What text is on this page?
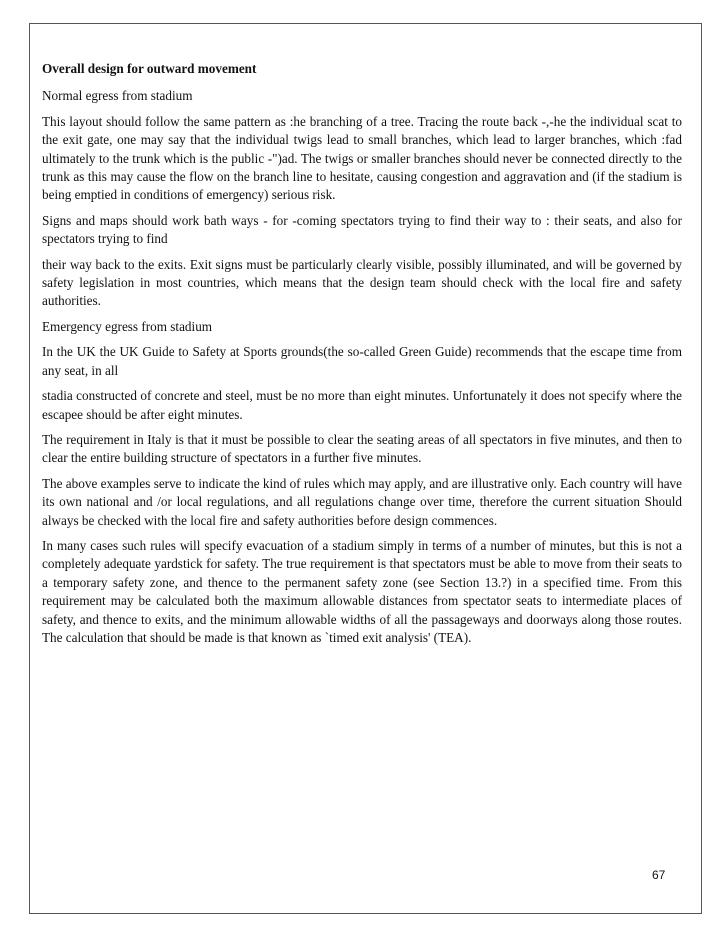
Overall design for outward movement

Normal egress from stadium

This layout should follow the same pattern as :he branching of a tree. Tracing the route back -,-he the individual scat to the exit gate, one may say that the individual twigs lead to small branches, which lead to larger branches, which :fad ultimately to the trunk which is the public -")ad. The twigs or smaller branches should never be connected directly to the trunk as this may cause the flow on the branch line to hesitate, causing congestion and aggravation and (if the stadium is being emptied in conditions of emergency) serious risk.

Signs and maps should work bath ways - for -coming spectators trying to find their way to : their seats, and also for spectators trying to find

their way back to the exits. Exit signs must be particularly clearly visible, possibly illuminated, and will be governed by safety legislation in most countries, which means that the design team should check with the local fire and safety authorities.

Emergency egress from stadium

In the UK the UK Guide to Safety at Sports grounds(the so-called Green Guide) recommends that the escape time from any seat, in all

stadia constructed of concrete and steel, must be no more than eight minutes. Unfortunately it does not specify where the escapee should be after eight minutes.

The requirement in Italy is that it must be possible to clear the seating areas of all spectators in five minutes, and then to clear the entire building structure of spectators in a further five minutes.

The above examples serve to indicate the kind of rules which may apply, and are illustrative only. Each country will have its own national and /or local regulations, and all regulations change over time, therefore the current situation Should always be checked with the local fire and safety authorities before design commences.

In many cases such rules will specify evacuation of a stadium simply in terms of a number of minutes, but this is not a completely adequate yardstick for safety. The true requirement is that spectators must be able to move from their seats to a temporary safety zone, and thence to the permanent safety zone (see Section 13.?) in a specified time. From this requirement may be calculated both the maximum allowable distances from spectator seats to intermediate places of safety, and thence to exits, and the minimum allowable widths of all the passageways and doorways along those routes. The calculation that should be made is that known as `timed exit analysis' (TEA).

67
